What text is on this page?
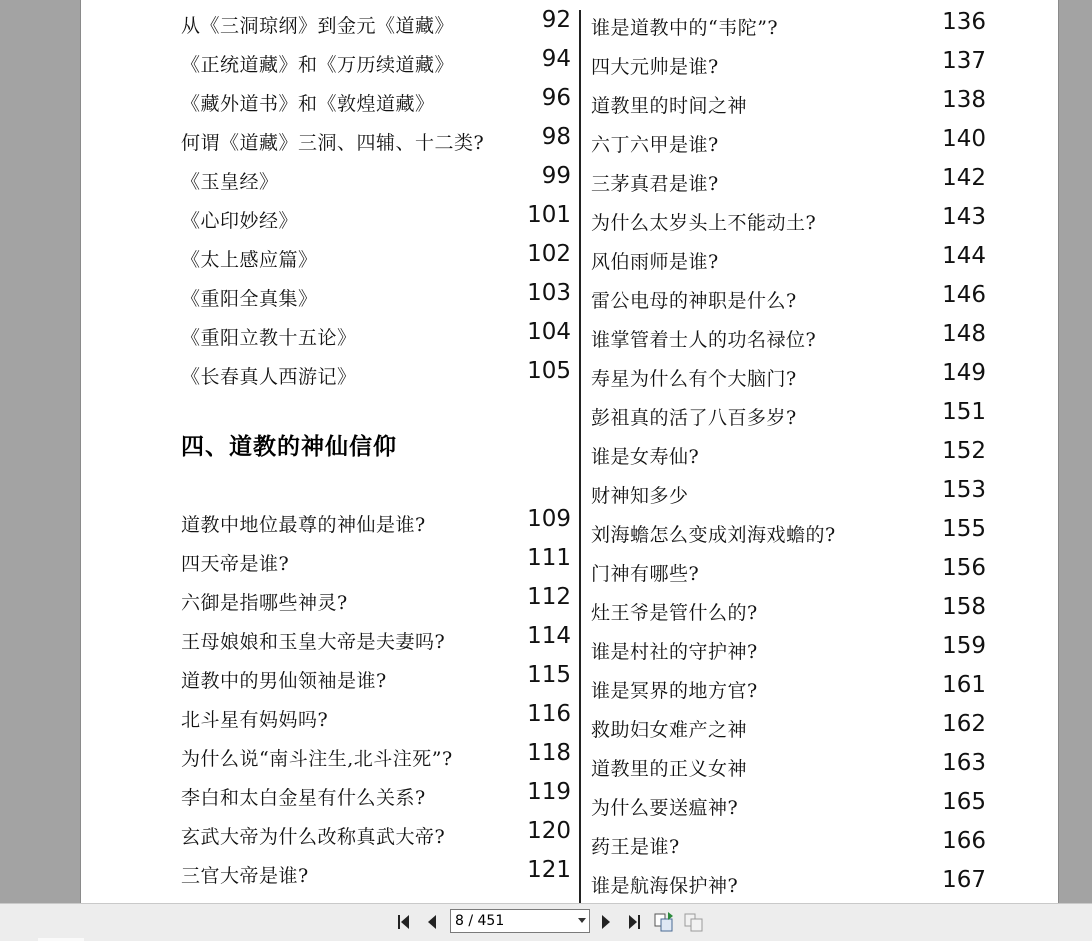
从《三洞琼纲》到金元《道藏》	92
《正统道藏》和《万历续道藏》	94
《藏外道书》和《敦煌道藏》	96
何谓《道藏》三洞、四辅、十二类?	98
《玉皇经》	99
《心印妙经》	101
《太上感应篇》	102
《重阳全真集》	103
《重阳立教十五论》	104
《长春真人西游记》	105
四、道教的神仙信仰
道教中地位最尊的神仙是谁?	109
四天帝是谁?	111
六御是指哪些神灵?	112
王母娘娘和玉皇大帝是夫妻吗?	114
道教中的男仙领袖是谁?	115
北斗星有妈妈吗?	116
为什么说“南斗注生,北斗注死”?	118
李白和太白金星有什么关系?	119
玄武大帝为什么改称真武大帝?	120
三官大帝是谁?	121
谁是道教中的“韦陀”?	136
四大元帅是谁?	137
道教里的时间之神	138
六丁六甲是谁?	140
三茅真君是谁?	142
为什么太岁头上不能动土?	143
风伯雨师是谁?	144
雷公电母的神职是什么?	146
谁掌管着士人的功名禄位?	148
寿星为什么有个大脑门?	149
彭祖真的活了八百多岁?	151
谁是女寿仙?	152
财神知多少	153
刘海蟾怎么变成刘海戏蟾的?	155
门神有哪些?	156
灶王爷是管什么的?	158
谁是村社的守护神?	159
谁是冥界的地方官?	161
救助妇女难产之神	162
道教里的正义女神	163
为什么要送瘟神?	165
药王是谁?	166
谁是航海保护神?	167
8 / 451
